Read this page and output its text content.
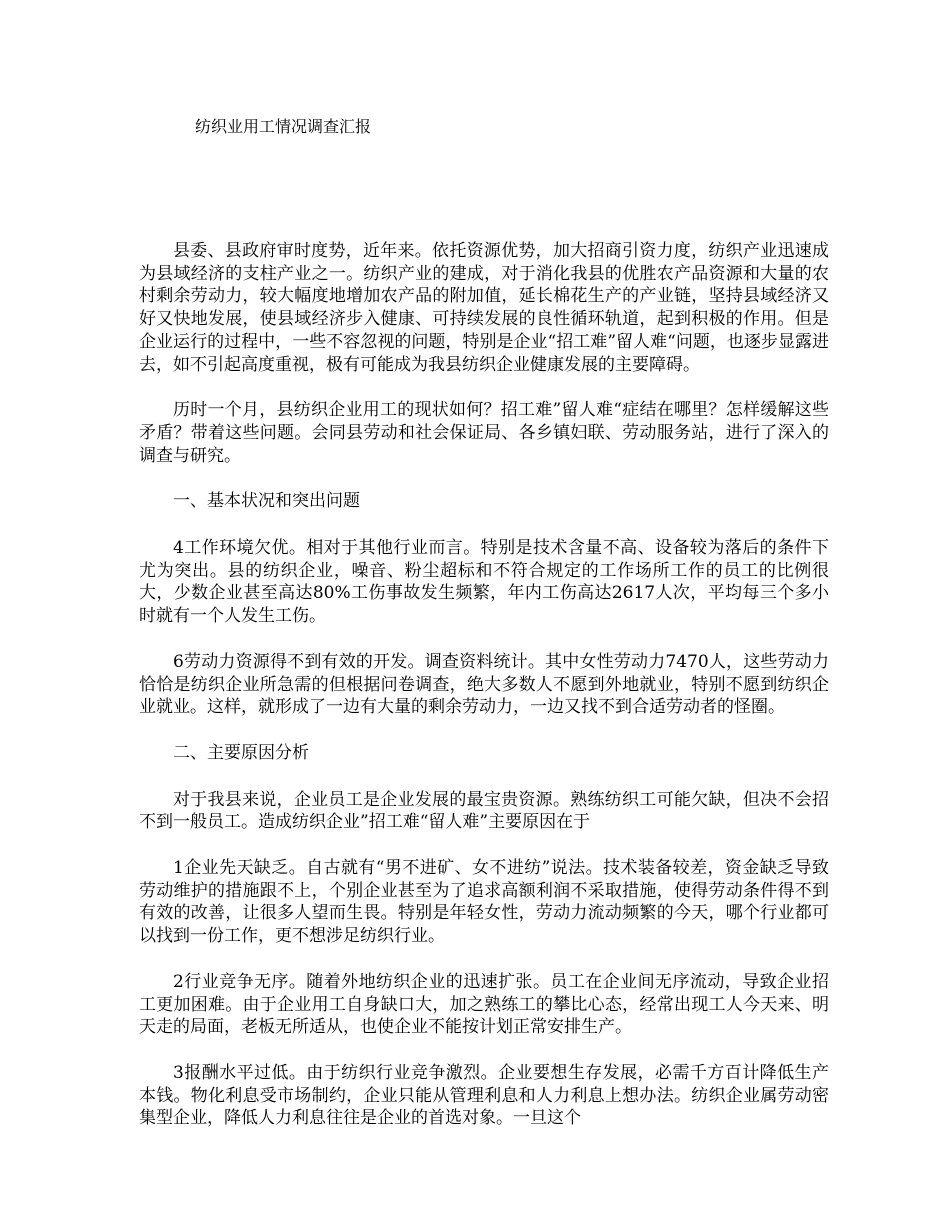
纺织业用工情况调查汇报

县委、县政府审时度势，近年来。依托资源优势，加大招商引资力度，纺织产业迅速成为县域经济的支柱产业之一。纺织产业的建成，对于消化我县的优胜农产品资源和大量的农村剩余劳动力，较大幅度地增加农产品的附加值，延长棉花生产的产业链，坚持县域经济又好又快地发展，使县域经济步入健康、可持续发展的良性循环轨道，起到积极的作用。但是企业运行的过程中，一些不容忽视的问题，特别是企业“招工难”留人难“问题，也逐步显露进去，如不引起高度重视，极有可能成为我县纺织企业健康发展的主要障碍。

历时一个月，县纺织企业用工的现状如何？招工难”留人难“症结在哪里？怎样缓解这些矛盾？带着这些问题。会同县劳动和社会保证局、各乡镇妇联、劳动服务站，进行了深入的调查与研究。

一、基本状况和突出问题

4工作环境欠优。相对于其他行业而言。特别是技术含量不高、设备较为落后的条件下尤为突出。县的纺织企业，噪音、粉尘超标和不符合规定的工作场所工作的员工的比例很大，少数企业甚至高达80%工伤事故发生频繁，年内工伤高达2617人次，平均每三个多小时就有一个人发生工伤。

6劳动力资源得不到有效的开发。调查资料统计。其中女性劳动力7470人，这些劳动力恰恰是纺织企业所急需的但根据问卷调查，绝大多数人不愿到外地就业，特别不愿到纺织企业就业。这样，就形成了一边有大量的剩余劳动力，一边又找不到合适劳动者的怪圈。

二、主要原因分析

对于我县来说，企业员工是企业发展的最宝贵资源。熟练纺织工可能欠缺，但决不会招不到一般员工。造成纺织企业”招工难“留人难”主要原因在于

1企业先天缺乏。自古就有“男不进矿、女不进纺”说法。技术装备较差，资金缺乏导致劳动维护的措施跟不上，个别企业甚至为了追求高额利润不采取措施，使得劳动条件得不到有效的改善，让很多人望而生畏。特别是年轻女性，劳动力流动频繁的今天，哪个行业都可以找到一份工作，更不想涉足纺织行业。

2行业竞争无序。随着外地纺织企业的迅速扩张。员工在企业间无序流动，导致企业招工更加困难。由于企业用工自身缺口大，加之熟练工的攀比心态，经常出现工人今天来、明天走的局面，老板无所适从，也使企业不能按计划正常安排生产。

3报酬水平过低。由于纺织行业竞争激烈。企业要想生存发展，必需千方百计降低生产本钱。物化利息受市场制约，企业只能从管理利息和人力利息上想办法。纺织企业属劳动密集型企业，降低人力利息往往是企业的首选对象。一旦这个
